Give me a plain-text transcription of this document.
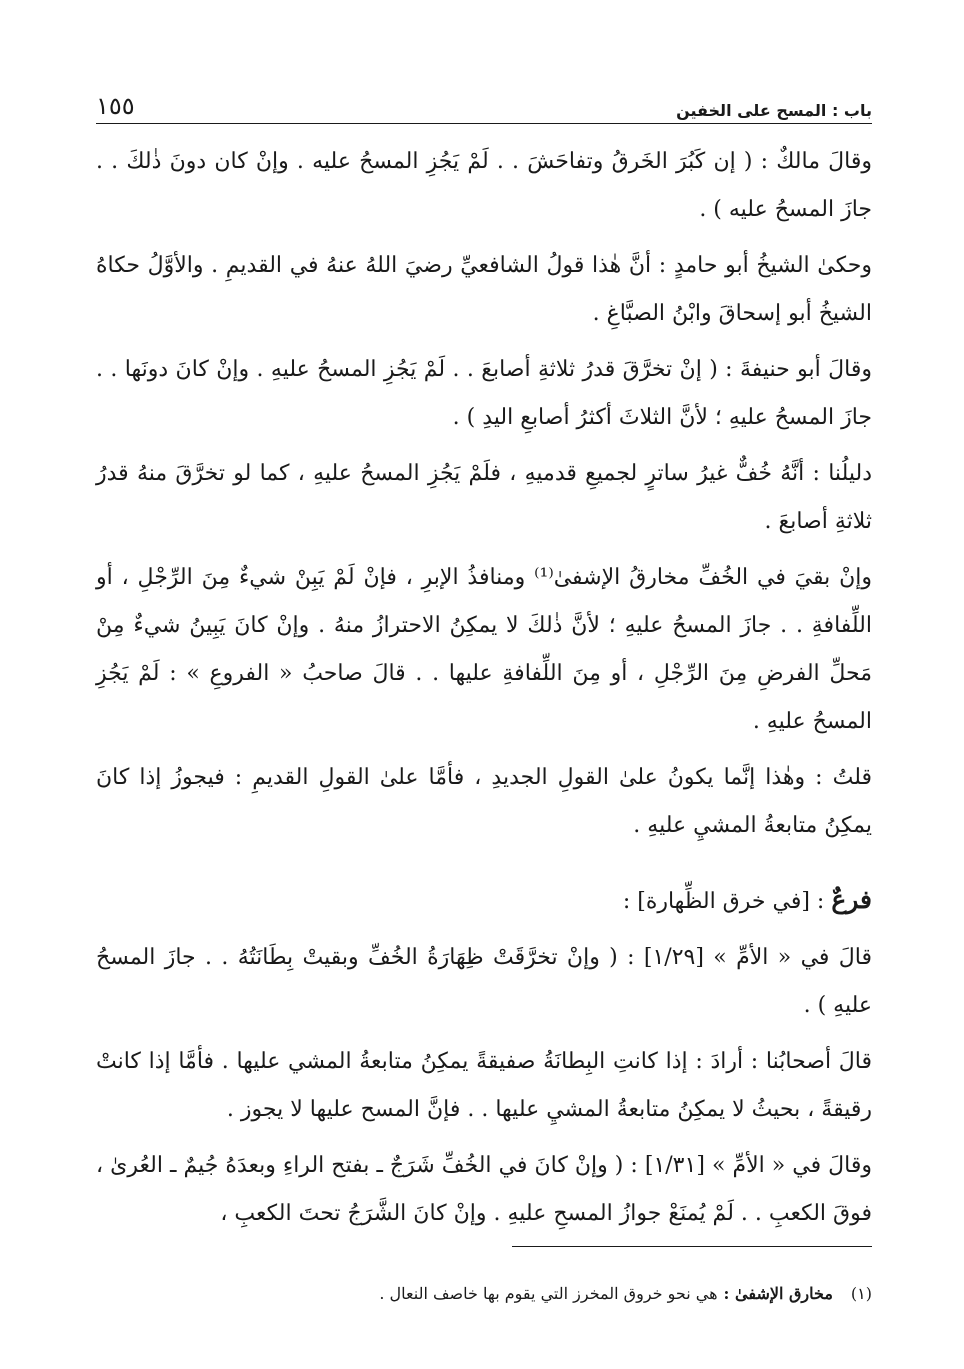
باب : المسح على الخفين
١٥٥

وقالَ مالكٌ : ( إن كَبُرَ الخَرقُ وتفاحَشَ . . لَمْ يَجُزِ المسحُ عليه . وإنْ كان دونَ ذٰلكَ . . جازَ المسحُ عليه ) .

وحكىٰ الشيخُ أبو حامدٍ : أنَّ هٰذا قولُ الشافعيِّ رضيَ اللهُ عنهُ في القديمِ . والأوَّلُ حكاهُ الشيخُ أبو إسحاقَ وابْنُ الصبَّاغِ .

وقالَ أبو حنيفةَ : ( إنْ تخرَّقَ قدرُ ثلاثةِ أصابعَ . . لَمْ يَجُزِ المسحُ عليهِ . وإنْ كانَ دونَها . . جازَ المسحُ عليهِ ؛ لأنَّ الثلاثَ أكثرُ أصابعِ اليدِ ) .

دليلُنا : أنَّهُ خُفٌّ غيرُ ساترٍ لجميعِ قدميهِ ، فلَمْ يَجُزِ المسحُ عليهِ ، كما لو تخرَّقَ منهُ قدرُ ثلاثةِ أصابعَ .

وإنْ بقيَ في الخُفِّ مخارقُ الإشفىٰ⁽¹⁾ ومنافذُ الإبرِ ، فإنْ لَمْ يَبِنْ شيءٌ مِنَ الرِّجْلِ ، أو اللِّفافةِ . . جازَ المسحُ عليهِ ؛ لأنَّ ذٰلكَ لا يمكِنُ الاحترازُ منهُ . وإنْ كانَ يَبِينُ شيءٌ مِنْ مَحلِّ الفرضِ مِنَ الرِّجْلِ ، أو مِنَ اللِّفافةِ عليها . . قالَ صاحبُ « الفروعِ » : لَمْ يَجُزِ المسحُ عليهِ .

قلتُ : وهٰذا إنَّما يكونُ علىٰ القولِ الجديدِ ، فأمَّا علىٰ القولِ القديمِ : فيجوزُ إذا كانَ يمكِنُ متابعةُ المشيِ عليهِ .

فرعٌ : [في خرق الظِّهارة] :

قالَ في « الأمِّ » [١/٢٩] : ( وإنْ تخرَّقَتْ ظِهَارَةُ الخُفِّ وبقيتْ بِطَانَتُهُ . . جازَ المسحُ عليهِ ) .

قالَ أصحابُنا : أرادَ : إذا كانتِ البِطانَةُ صفيقةً يمكِنُ متابعةُ المشي عليها . فأمَّا إذا كانتْ رقيقةً ، بحيثُ لا يمكِنُ متابعةُ المشيِ عليها . . فإنَّ المسح عليها لا يجوز .

وقالَ في « الأمِّ » [١/٣١] : ( وإنْ كانَ في الخُفِّ شَرَجٌ ـ بفتح الراءِ وبعدَهُ جُيمٌ ـ العُرىٰ ، فوقَ الكعبِ . . لَمْ يُمنَعْ جوازُ المسحِ عليهِ . وإنْ كانَ الشَّرَجُ تحتَ الكعبِ ،

(١)مخارق الإشفىٰ :هي نحو خروق المخرز التي يقوم بها خاصف النعال .
